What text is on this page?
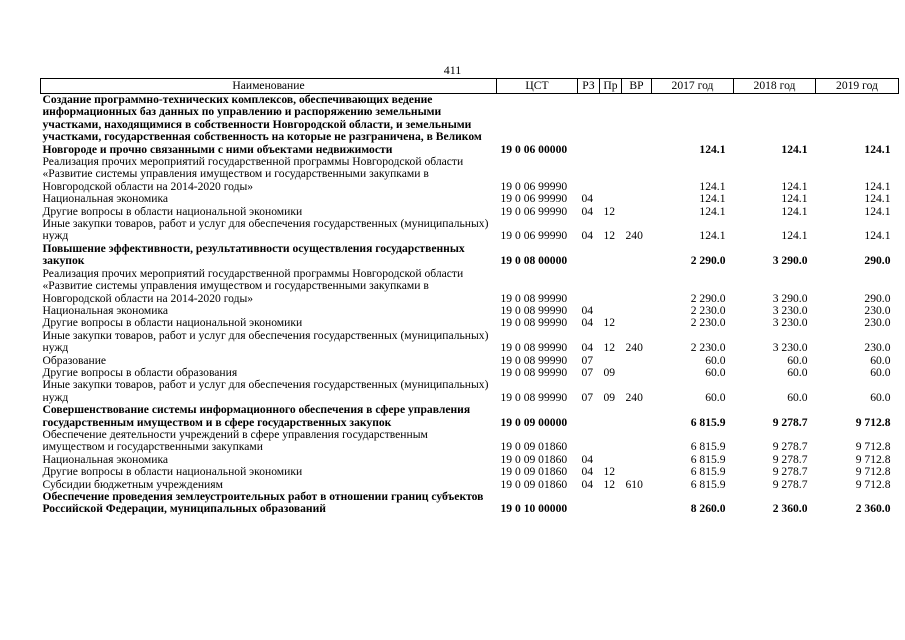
411
Наименование	ЦСТ	РЗ	Пр	ВР	2017 год	2018 год	2019 год
Создание программно-технических комплексов, обеспечивающих ведение информационных баз данных по управлению и распоряжению земельными участками, находящимися в собственности Новгородской области, и земельными участками, государственная собственность на которые не разграничена, в Великом Новгороде и прочно связанными с ними объектами недвижимости	19 0 06 00000				124.1	124.1	124.1
Реализация прочих мероприятий государственной программы Новгородской области «Развитие системы управления имуществом и государственными закупками в Новгородской области на 2014-2020 годы»	19 0 06 99990				124.1	124.1	124.1
Национальная экономика	19 0 06 99990	04			124.1	124.1	124.1
Другие вопросы в области национальной экономики	19 0 06 99990	04	12		124.1	124.1	124.1
Иные закупки товаров, работ и услуг для обеспечения государственных (муниципальных) нужд	19 0 06 99990	04	12	240	124.1	124.1	124.1
Повышение эффективности, результативности осуществления государственных закупок	19 0 08 00000				2 290.0	3 290.0	290.0
Реализация прочих мероприятий государственной программы Новгородской области «Развитие системы управления имуществом и государственными закупками в Новгородской области на 2014-2020 годы»	19 0 08 99990				2 290.0	3 290.0	290.0
Национальная экономика	19 0 08 99990	04			2 230.0	3 230.0	230.0
Другие вопросы в области национальной экономики	19 0 08 99990	04	12		2 230.0	3 230.0	230.0
Иные закупки товаров, работ и услуг для обеспечения государственных (муниципальных) нужд	19 0 08 99990	04	12	240	2 230.0	3 230.0	230.0
Образование	19 0 08 99990	07			60.0	60.0	60.0
Другие вопросы в области образования	19 0 08 99990	07	09		60.0	60.0	60.0
Иные закупки товаров, работ и услуг для обеспечения государственных (муниципальных) нужд	19 0 08 99990	07	09	240	60.0	60.0	60.0
Совершенствование системы информационного обеспечения в сфере управления государственным имуществом и в сфере государственных закупок	19 0 09 00000				6 815.9	9 278.7	9 712.8
Обеспечение деятельности учреждений в сфере управления государственным имуществом и государственными закупками	19 0 09 01860				6 815.9	9 278.7	9 712.8
Национальная экономика	19 0 09 01860	04			6 815.9	9 278.7	9 712.8
Другие вопросы в области национальной экономики	19 0 09 01860	04	12		6 815.9	9 278.7	9 712.8
Субсидии бюджетным учреждениям	19 0 09 01860	04	12	610	6 815.9	9 278.7	9 712.8
Обеспечение проведения землеустроительных работ в отношении границ субъектов Российской Федерации, муниципальных образований	19 0 10 00000				8 260.0	2 360.0	2 360.0
